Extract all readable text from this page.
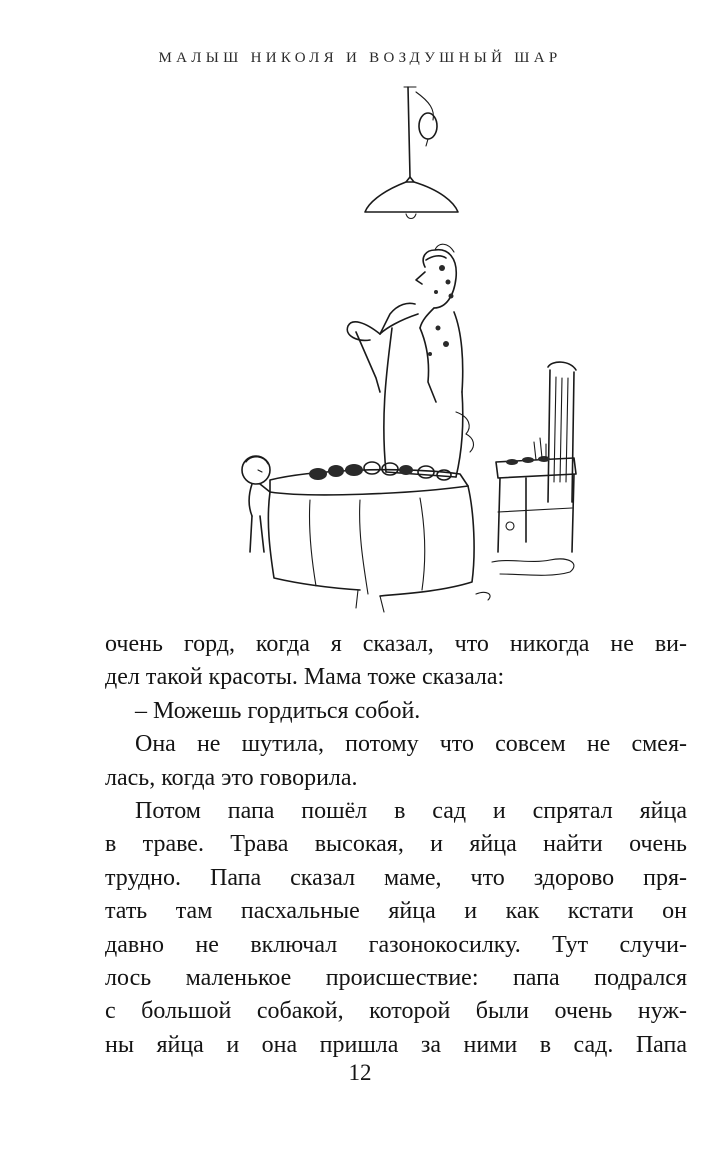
МАЛЫШ НИКОЛЯ И ВОЗДУШНЫЙ ШАР
очень горд, когда я сказал, что никогда не ви-
дел такой красоты. Мама тоже сказала:
– Можешь гордиться собой.
Она не шутила, потому что совсем не смея-
лась, когда это говорила.
Потом папа пошёл в сад и спрятал яйца
в траве. Трава высокая, и яйца найти очень
трудно. Папа сказал маме, что здорово пря-
тать там пасхальные яйца и как кстати он
давно не включал газонокосилку. Тут случи-
лось маленькое происшествие: папа подрался
с большой собакой, которой были очень нуж-
ны яйца и она пришла за ними в сад. Папа
12
